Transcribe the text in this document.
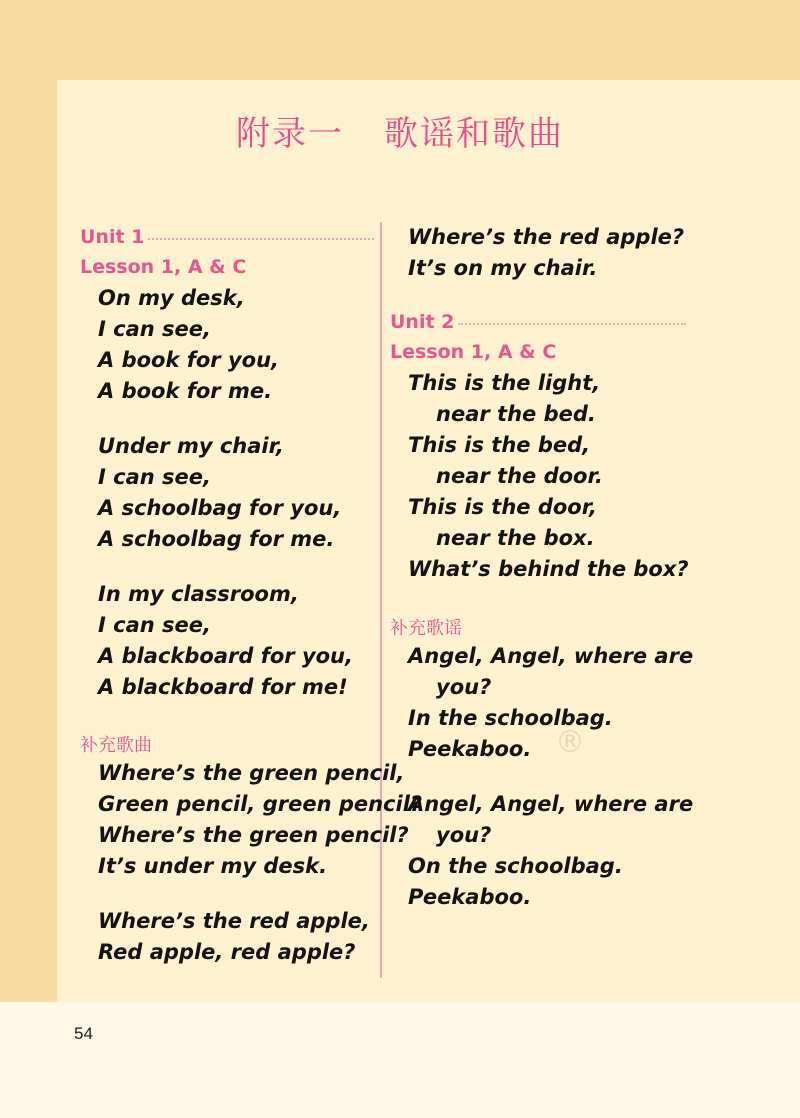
附录一 歌谣和歌曲
Unit 1
Lesson 1, A & C
On my desk,
I can see,
A book for you,
A book for me.
Under my chair,
I can see,
A schoolbag for you,
A schoolbag for me.
In my classroom,
I can see,
A blackboard for you,
A blackboard for me!
补充歌曲
Where’s the green pencil,
Green pencil, green pencil?
Where’s the green pencil?
It’s under my desk.
Where’s the red apple,
Red apple, red apple?
Where’s the red apple?
It’s on my chair.
Unit 2
Lesson 1, A & C
This is the light,
near the bed.
This is the bed,
near the door.
This is the door,
near the box.
What’s behind the box?
补充歌谣
Angel, Angel, where are
you?
In the schoolbag.
Peekaboo.
Angel, Angel, where are
you?
On the schoolbag.
Peekaboo.
®
54
